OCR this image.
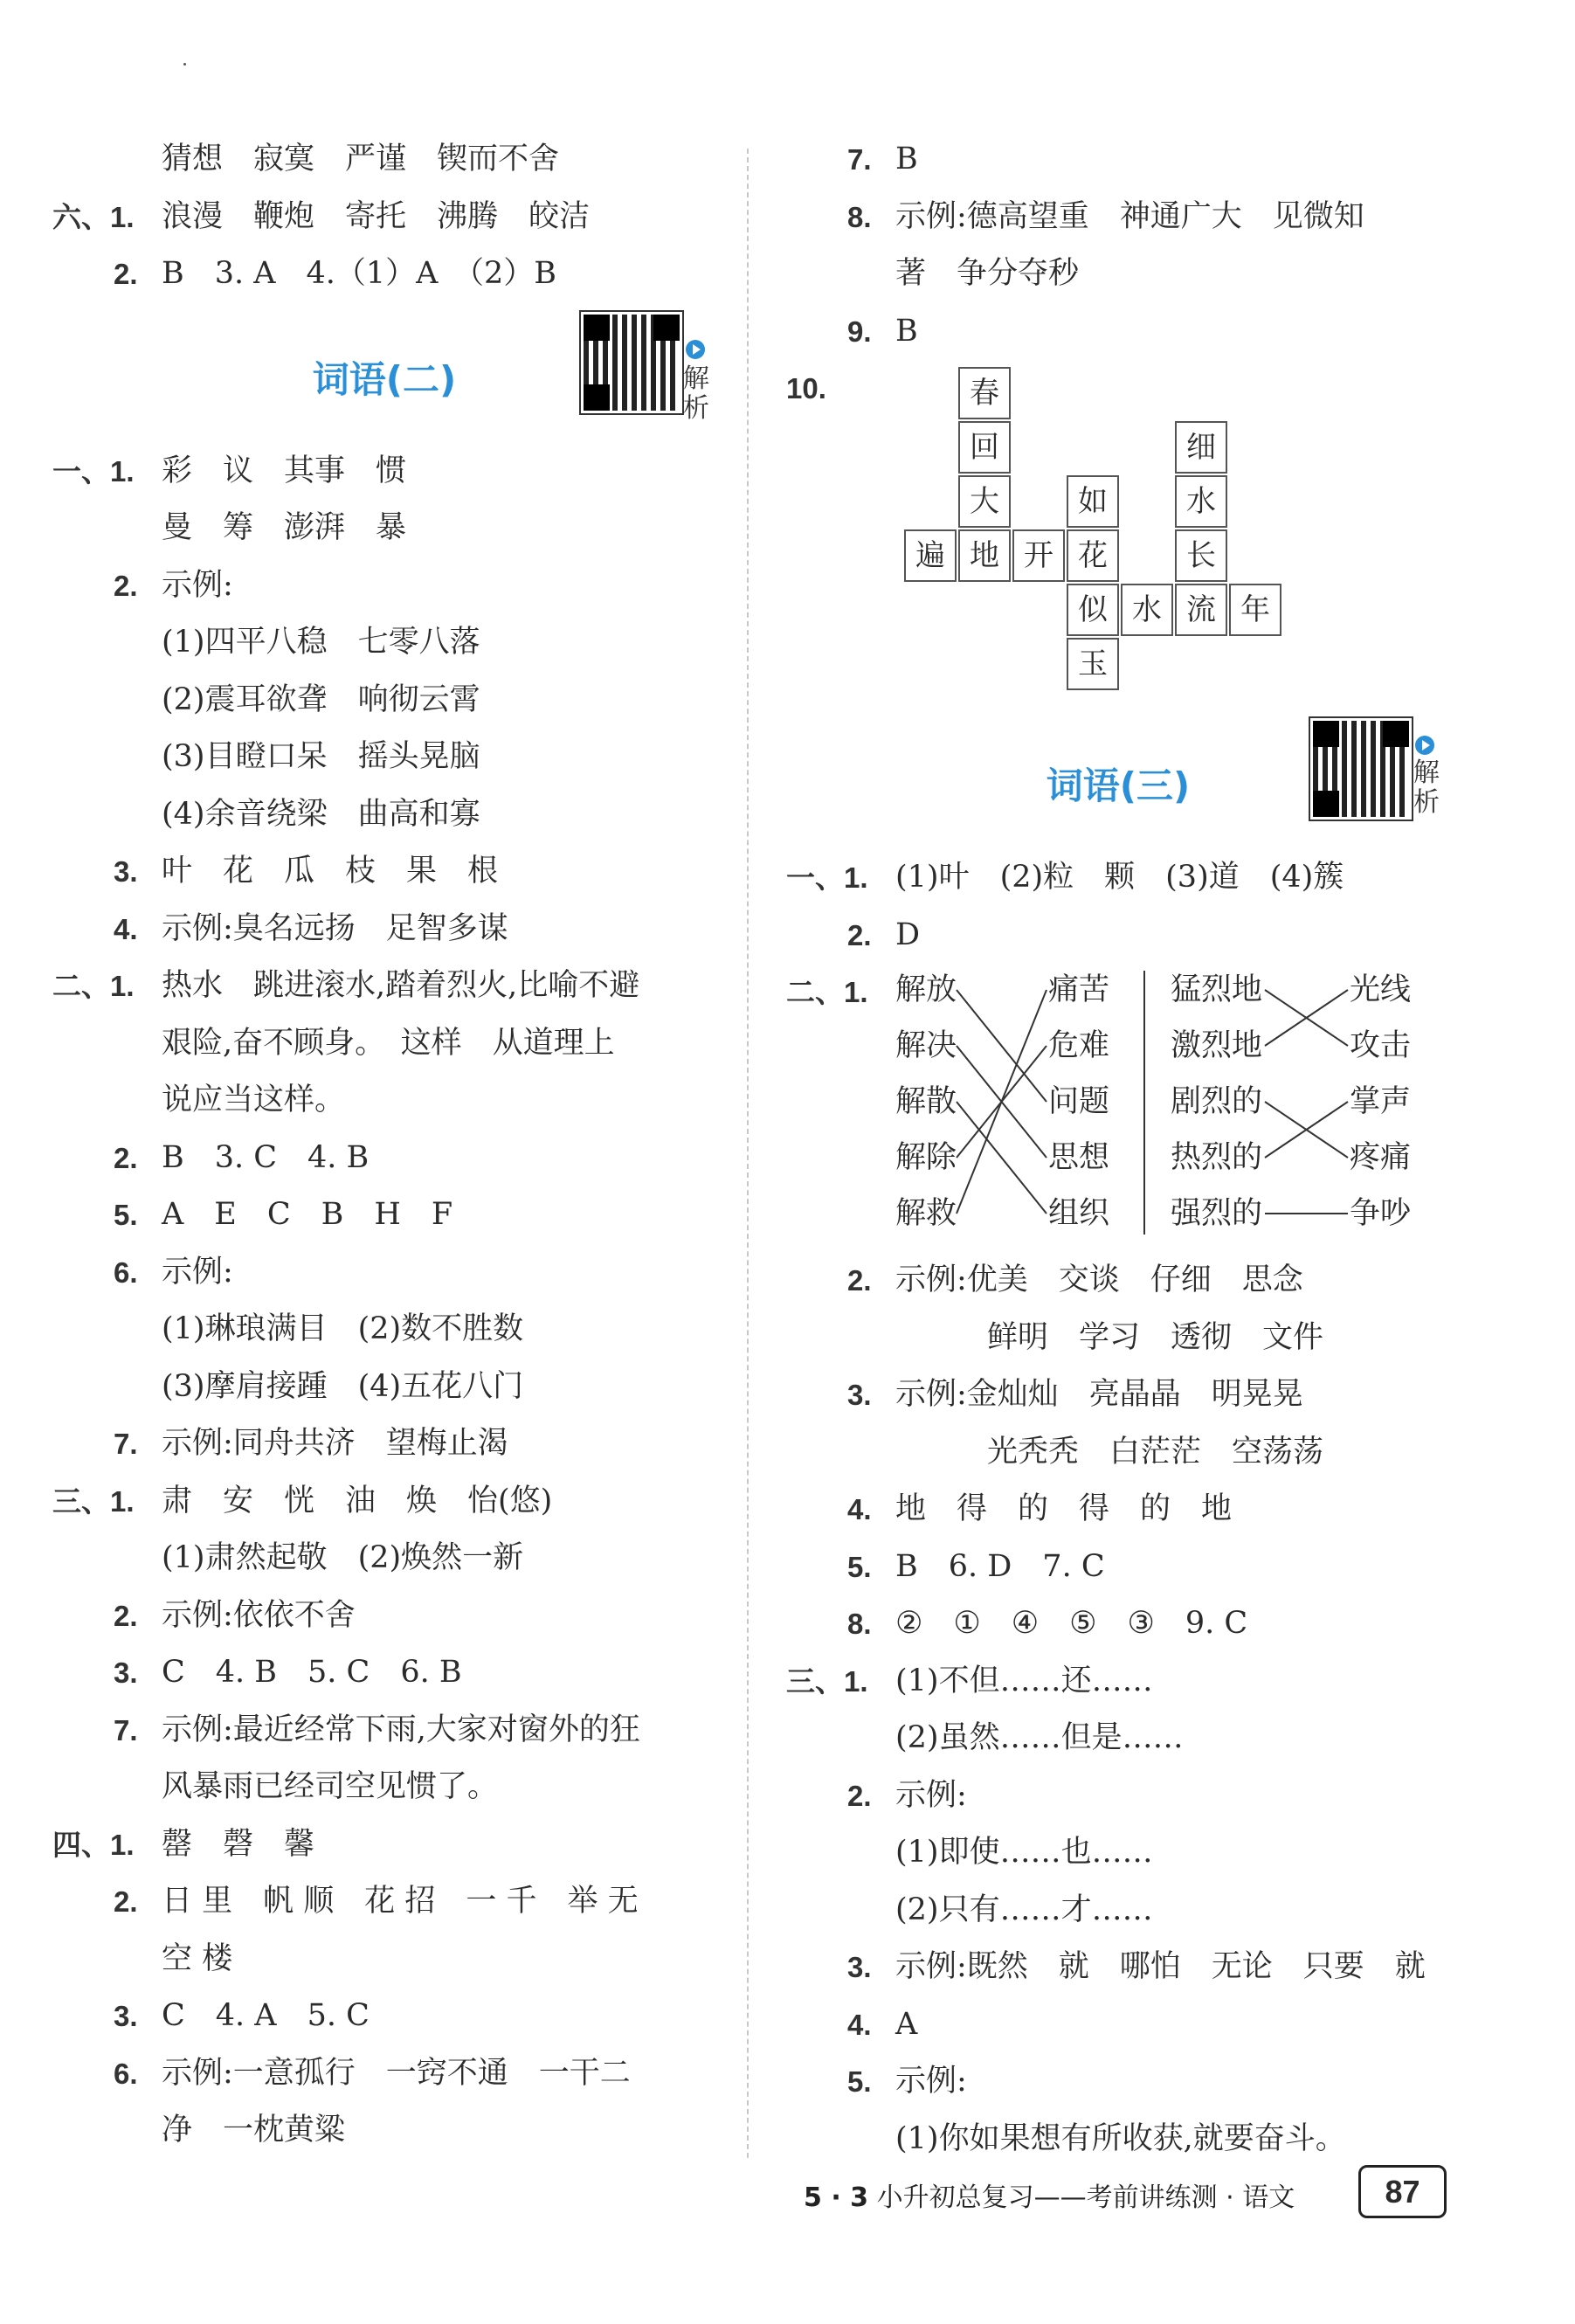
猜想　寂寞　严谨　锲而不舍
六、1. 浪漫　鞭炮　寄托　沸腾　皎洁
2. B　3. A　4.（1）A　（2）B
词语(二)	解析
一、1. 彩　议　其事　惯
曼　筹　澎湃　暴
2. 示例:
(1)四平八稳　七零八落
(2)震耳欲聋　响彻云霄
(3)目瞪口呆　摇头晃脑
(4)余音绕梁　曲高和寡
3. 叶　花　瓜　枝　果　根
4. 示例:臭名远扬　足智多谋
二、1. 热水　跳进滚水,踏着烈火,比喻不避
艰险,奋不顾身。　这样　从道理上
说应当这样。
2. B　3. C　4. B
5. A　E　C　B　H　F
6. 示例:
(1)琳琅满目　(2)数不胜数
(3)摩肩接踵　(4)五花八门
7. 示例:同舟共济　望梅止渴
三、1. 肃　安　恍　油　焕　怡(悠)
(1)肃然起敬　(2)焕然一新
2. 示例:依依不舍
3. C　4. B　5. C　6. B
7. 示例:最近经常下雨,大家对窗外的狂
风暴雨已经司空见惯了。
四、1. 罄　磬　馨
2. 日 里　帆 顺　花 招　一 千　举 无
空 楼
3. C　4. A　5. C
6. 示例:一意孤行　一窍不通　一干二
净　一枕黄粱
7. B
8. 示例:德高望重　神通广大　见微知
著　争分夺秒
9. B
10.	春
回
大
遍 地 开
如
花
似
玉
细
水
长
流 年
水
词语(三)	解析
一、1. (1)叶　(2)粒　颗　(3)道　(4)簇
2. D
二、1. 解放
解决
解散
解除
解救
痛苦
危难
问题
思想
组织
猛烈地
激烈地
剧烈的
热烈的
强烈的
光线
攻击
掌声
疼痛
争吵
2. 示例:优美　交谈　仔细　思念
　　　鲜明　学习　透彻　文件
3. 示例:金灿灿　亮晶晶　明晃晃
　　　光秃秃　白茫茫　空荡荡
4. 地　得　的　得　的　地
5. B　6. D　7. C
8. ②　①　④　⑤　③　9. C
三、1. (1)不但……还……
(2)虽然……但是……
2. 示例:
(1)即使……也……
(2)只有……才……
3. 示例:既然　就　哪怕　无论　只要　就
4. A
5. 示例:
(1)你如果想有所收获,就要奋斗。
5 · 3 小升初总复习——考前讲练测 · 语文	87
